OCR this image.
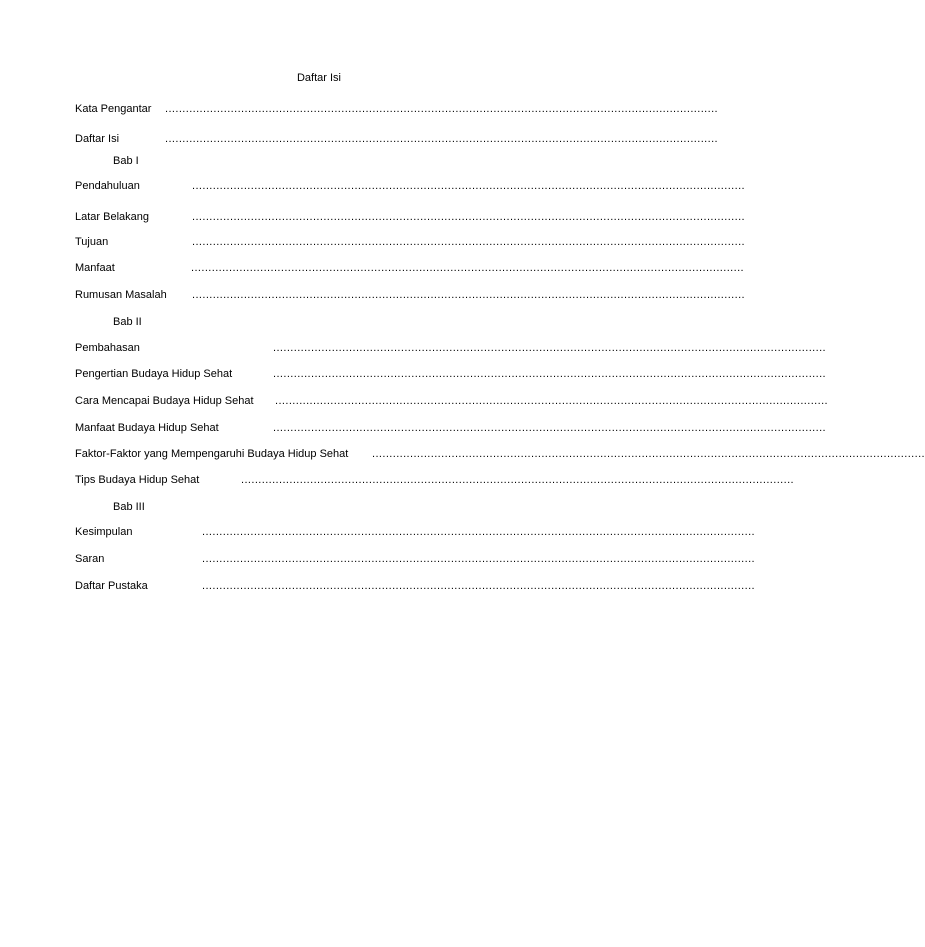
Daftar Isi
Kata Pengantar ................................................................................................................................................................
Daftar Isi	................................................................................................................................................................
Bab I
Pendahuluan	................................................................................................................................................................
Latar Belakang	................................................................................................................................................................
Tujuan	................................................................................................................................................................
Manfaat	................................................................................................................................................................
Rumusan Masalah ................................................................................................................................................................
Bab II
Pembahasan	................................................................................................................................................................
Pengertian Budaya Hidup Sehat	................................................................................................................................................................
Cara Mencapai Budaya Hidup Sehat ................................................................................................................................................................
Manfaat Budaya Hidup Sehat	................................................................................................................................................................
Faktor-Faktor yang Mempengaruhi Budaya Hidup Sehat ................................................................................................................................................................
Tips Budaya Hidup Sehat	................................................................................................................................................................
Bab III
Kesimpulan	................................................................................................................................................................
Saran	................................................................................................................................................................
Daftar Pustaka	................................................................................................................................................................
